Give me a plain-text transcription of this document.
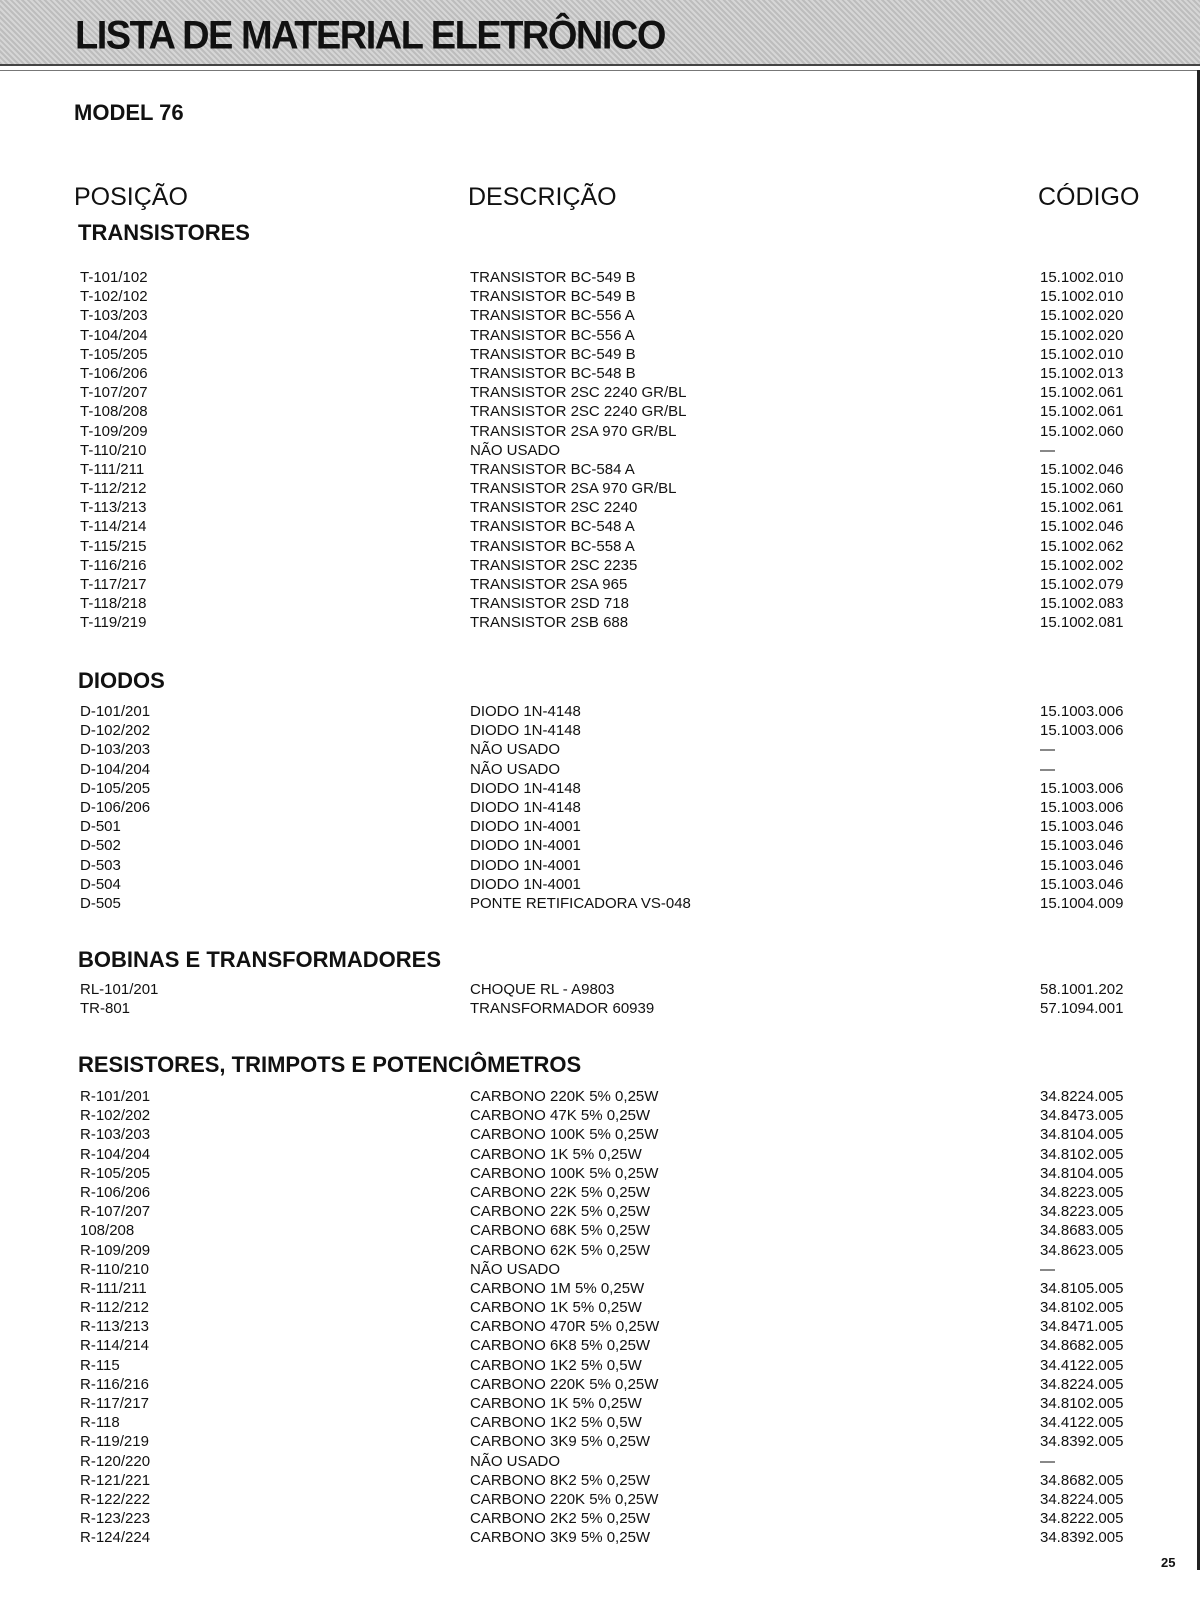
LISTA DE MATERIAL ELETRÔNICO
MODEL 76
POSIÇÃO	DESCRIÇÃO	CÓDIGO
TRANSISTORES
T-101/102	TRANSISTOR BC-549 B	15.1002.010
T-102/102	TRANSISTOR BC-549 B	15.1002.010
T-103/203	TRANSISTOR BC-556 A	15.1002.020
T-104/204	TRANSISTOR BC-556 A	15.1002.020
T-105/205	TRANSISTOR BC-549 B	15.1002.010
T-106/206	TRANSISTOR BC-548 B	15.1002.013
T-107/207	TRANSISTOR 2SC 2240 GR/BL	15.1002.061
T-108/208	TRANSISTOR 2SC 2240 GR/BL	15.1002.061
T-109/209	TRANSISTOR 2SA 970 GR/BL	15.1002.060
T-110/210	NÃO USADO	—
T-111/211	TRANSISTOR BC-584 A	15.1002.046
T-112/212	TRANSISTOR 2SA 970 GR/BL	15.1002.060
T-113/213	TRANSISTOR 2SC 2240	15.1002.061
T-114/214	TRANSISTOR BC-548 A	15.1002.046
T-115/215	TRANSISTOR BC-558 A	15.1002.062
T-116/216	TRANSISTOR 2SC 2235	15.1002.002
T-117/217	TRANSISTOR 2SA 965	15.1002.079
T-118/218	TRANSISTOR 2SD 718	15.1002.083
T-119/219	TRANSISTOR 2SB 688	15.1002.081
DIODOS
D-101/201	DIODO 1N-4148	15.1003.006
D-102/202	DIODO 1N-4148	15.1003.006
D-103/203	NÃO USADO	—
D-104/204	NÃO USADO	—
D-105/205	DIODO 1N-4148	15.1003.006
D-106/206	DIODO 1N-4148	15.1003.006
D-501	DIODO 1N-4001	15.1003.046
D-502	DIODO 1N-4001	15.1003.046
D-503	DIODO 1N-4001	15.1003.046
D-504	DIODO 1N-4001	15.1003.046
D-505	PONTE RETIFICADORA VS-048	15.1004.009
BOBINAS E TRANSFORMADORES
RL-101/201	CHOQUE RL - A9803	58.1001.202
TR-801	TRANSFORMADOR 60939	57.1094.001
RESISTORES, TRIMPOTS E POTENCIÔMETROS
R-101/201	CARBONO 220K 5% 0,25W	34.8224.005
R-102/202	CARBONO 47K 5% 0,25W	34.8473.005
R-103/203	CARBONO 100K 5% 0,25W	34.8104.005
R-104/204	CARBONO 1K 5% 0,25W	34.8102.005
R-105/205	CARBONO 100K 5% 0,25W	34.8104.005
R-106/206	CARBONO 22K 5% 0,25W	34.8223.005
R-107/207	CARBONO 22K 5% 0,25W	34.8223.005
108/208	CARBONO 68K 5% 0,25W	34.8683.005
R-109/209	CARBONO 62K 5% 0,25W	34.8623.005
R-110/210	NÃO USADO	—
R-111/211	CARBONO 1M 5% 0,25W	34.8105.005
R-112/212	CARBONO 1K 5% 0,25W	34.8102.005
R-113/213	CARBONO 470R 5% 0,25W	34.8471.005
R-114/214	CARBONO 6K8 5% 0,25W	34.8682.005
R-115	CARBONO 1K2 5% 0,5W	34.4122.005
R-116/216	CARBONO 220K 5% 0,25W	34.8224.005
R-117/217	CARBONO 1K 5% 0,25W	34.8102.005
R-118	CARBONO 1K2 5% 0,5W	34.4122.005
R-119/219	CARBONO 3K9 5% 0,25W	34.8392.005
R-120/220	NÃO USADO	—
R-121/221	CARBONO 8K2 5% 0,25W	34.8682.005
R-122/222	CARBONO 220K 5% 0,25W	34.8224.005
R-123/223	CARBONO 2K2 5% 0,25W	34.8222.005
R-124/224	CARBONO 3K9 5% 0,25W	34.8392.005
25
